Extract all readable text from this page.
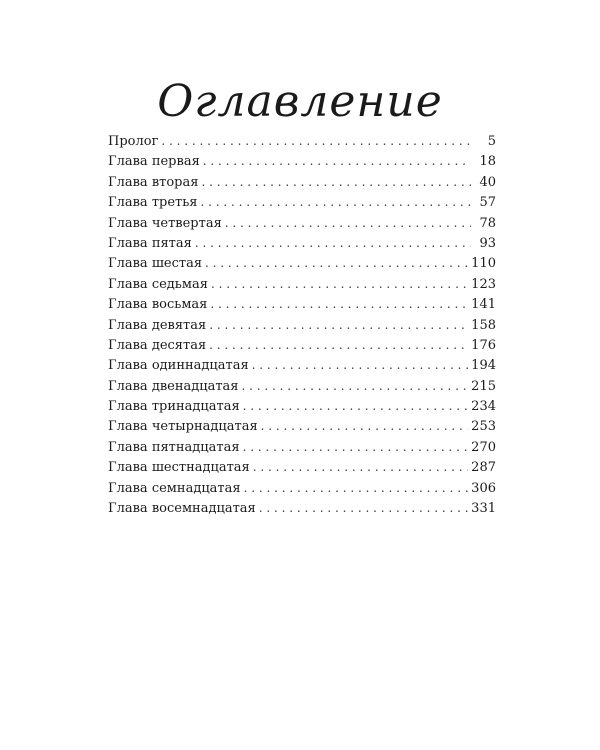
Оглавление
Пролог . . .	5
Глава первая . . .	18
Глава вторая . . .	40
Глава третья . . .	57
Глава четвертая . . .	78
Глава пятая . . .	93
Глава шестая . . .	110
Глава седьмая . . .	123
Глава восьмая . . .	141
Глава девятая . . .	158
Глава десятая . . .	176
Глава одиннадцатая . . .	194
Глава двенадцатая . . .	215
Глава тринадцатая . . .	234
Глава четырнадцатая . . .	253
Глава пятнадцатая . . .	270
Глава шестнадцатая . . .	287
Глава семнадцатая . . .	306
Глава восемнадцатая . . .	331
